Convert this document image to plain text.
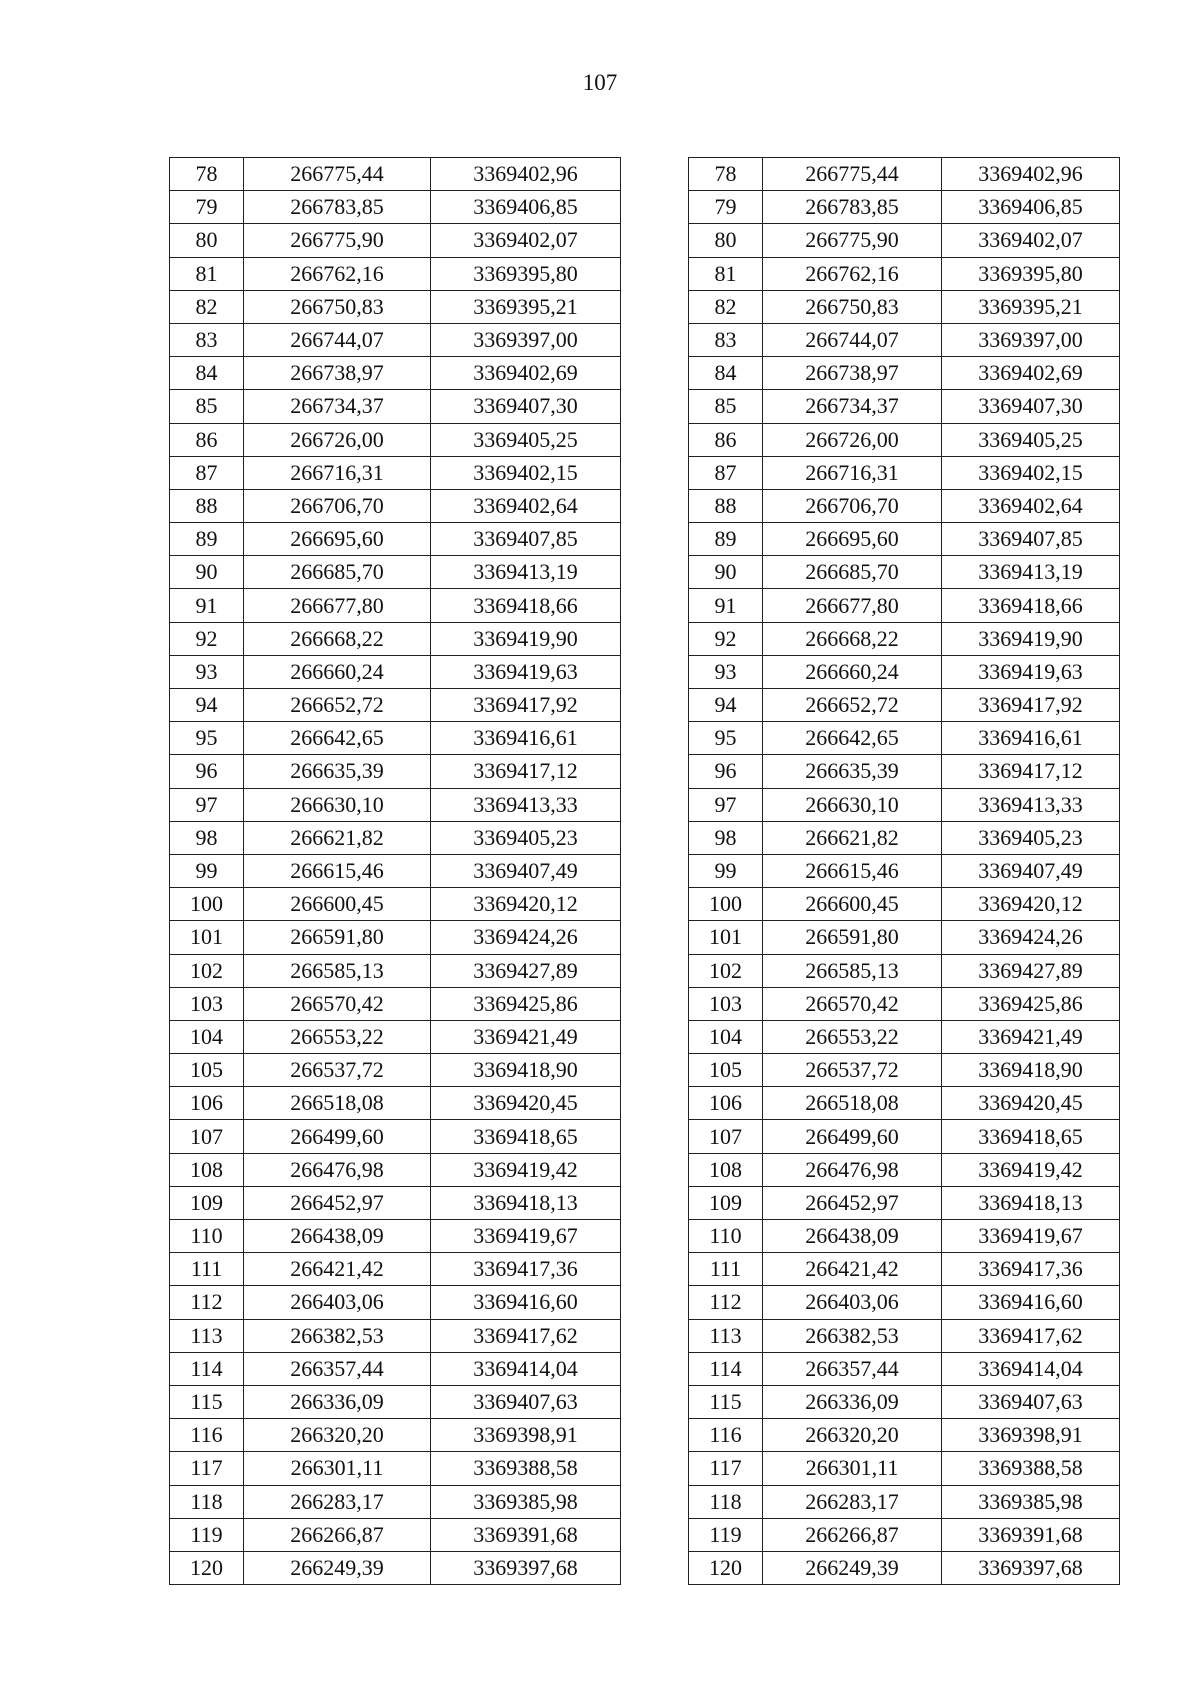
107
78	266775,44	3369402,96
79	266783,85	3369406,85
80	266775,90	3369402,07
81	266762,16	3369395,80
82	266750,83	3369395,21
83	266744,07	3369397,00
84	266738,97	3369402,69
85	266734,37	3369407,30
86	266726,00	3369405,25
87	266716,31	3369402,15
88	266706,70	3369402,64
89	266695,60	3369407,85
90	266685,70	3369413,19
91	266677,80	3369418,66
92	266668,22	3369419,90
93	266660,24	3369419,63
94	266652,72	3369417,92
95	266642,65	3369416,61
96	266635,39	3369417,12
97	266630,10	3369413,33
98	266621,82	3369405,23
99	266615,46	3369407,49
100	266600,45	3369420,12
101	266591,80	3369424,26
102	266585,13	3369427,89
103	266570,42	3369425,86
104	266553,22	3369421,49
105	266537,72	3369418,90
106	266518,08	3369420,45
107	266499,60	3369418,65
108	266476,98	3369419,42
109	266452,97	3369418,13
110	266438,09	3369419,67
111	266421,42	3369417,36
112	266403,06	3369416,60
113	266382,53	3369417,62
114	266357,44	3369414,04
115	266336,09	3369407,63
116	266320,20	3369398,91
117	266301,11	3369388,58
118	266283,17	3369385,98
119	266266,87	3369391,68
120	266249,39	3369397,68
78	266775,44	3369402,96
79	266783,85	3369406,85
80	266775,90	3369402,07
81	266762,16	3369395,80
82	266750,83	3369395,21
83	266744,07	3369397,00
84	266738,97	3369402,69
85	266734,37	3369407,30
86	266726,00	3369405,25
87	266716,31	3369402,15
88	266706,70	3369402,64
89	266695,60	3369407,85
90	266685,70	3369413,19
91	266677,80	3369418,66
92	266668,22	3369419,90
93	266660,24	3369419,63
94	266652,72	3369417,92
95	266642,65	3369416,61
96	266635,39	3369417,12
97	266630,10	3369413,33
98	266621,82	3369405,23
99	266615,46	3369407,49
100	266600,45	3369420,12
101	266591,80	3369424,26
102	266585,13	3369427,89
103	266570,42	3369425,86
104	266553,22	3369421,49
105	266537,72	3369418,90
106	266518,08	3369420,45
107	266499,60	3369418,65
108	266476,98	3369419,42
109	266452,97	3369418,13
110	266438,09	3369419,67
111	266421,42	3369417,36
112	266403,06	3369416,60
113	266382,53	3369417,62
114	266357,44	3369414,04
115	266336,09	3369407,63
116	266320,20	3369398,91
117	266301,11	3369388,58
118	266283,17	3369385,98
119	266266,87	3369391,68
120	266249,39	3369397,68
